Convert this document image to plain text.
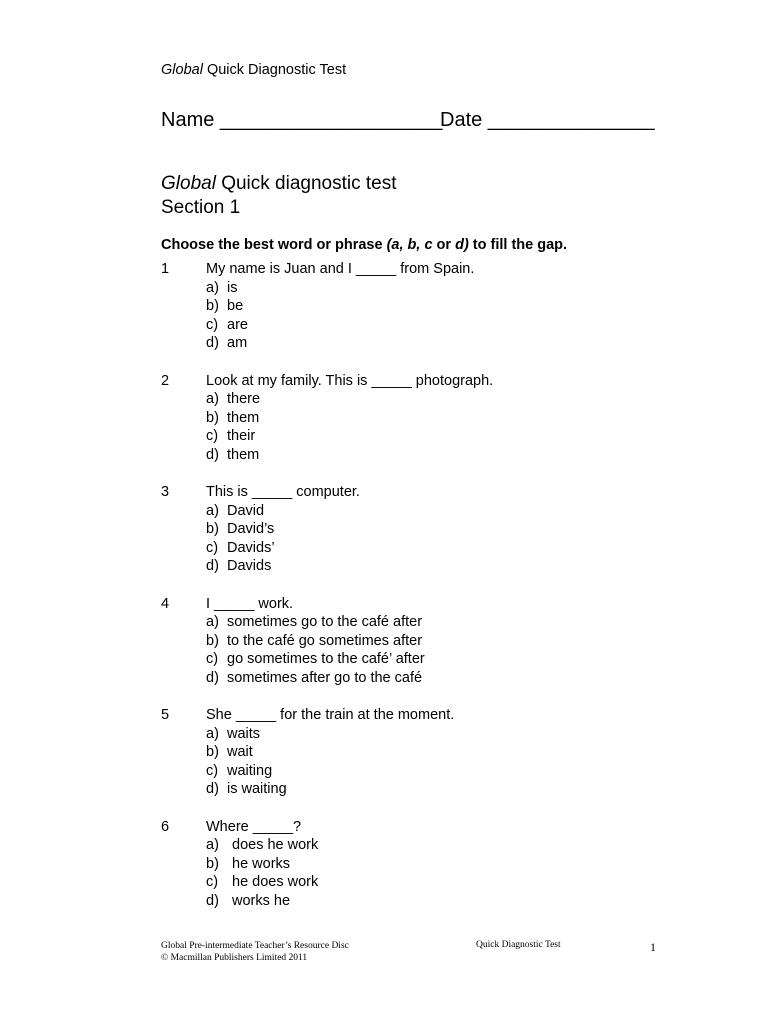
Global Quick Diagnostic Test
Name ____________________
Date _______________
Global Quick diagnostic test
Section 1
Choose the best word or phrase (a, b, c or d) to fill the gap.
1	My name is Juan and I _____ from Spain.
a) is
b) be
c) are
d) am
2	Look at my family. This is _____ photograph.
a) there
b) them
c) their
d) them
3	This is _____ computer.
a) David
b) David’s
c) Davids’
d) Davids
4	I _____ work.
a) sometimes go to the café after
b) to the café go sometimes after
c) go sometimes to the café’ after
d) sometimes after go to the café
5	She _____ for the train at the moment.
a) waits
b) wait
c) waiting
d) is waiting
6	Where _____?
a) does he work
b) he works
c) he does work
d) works he
Global Pre-intermediate Teacher’s Resource Disc
© Macmillan Publishers Limited 2011
Quick Diagnostic Test	1
